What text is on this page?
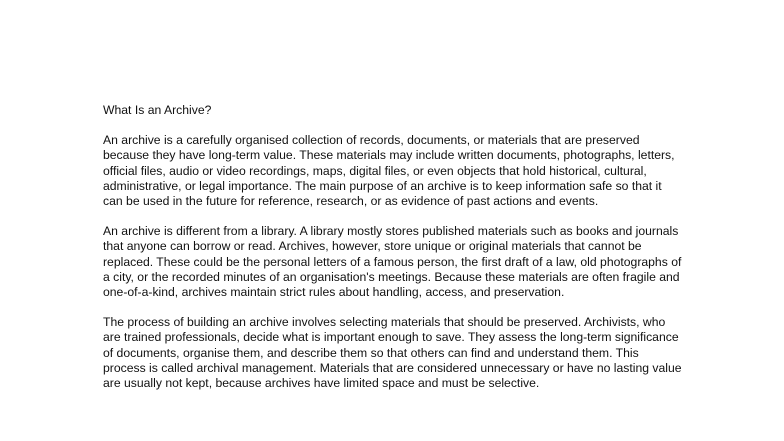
What Is an Archive?

An archive is a carefully organised collection of records, documents, or materials that are preserved because they have long-term value. These materials may include written documents, photographs, letters, official files, audio or video recordings, maps, digital files, or even objects that hold historical, cultural, administrative, or legal importance. The main purpose of an archive is to keep information safe so that it can be used in the future for reference, research, or as evidence of past actions and events.

An archive is different from a library. A library mostly stores published materials such as books and journals that anyone can borrow or read. Archives, however, store unique or original materials that cannot be replaced. These could be the personal letters of a famous person, the first draft of a law, old photographs of a city, or the recorded minutes of an organisation's meetings. Because these materials are often fragile and one-of-a-kind, archives maintain strict rules about handling, access, and preservation.

The process of building an archive involves selecting materials that should be preserved. Archivists, who are trained professionals, decide what is important enough to save. They assess the long-term significance of documents, organise them, and describe them so that others can find and understand them. This process is called archival management. Materials that are considered unnecessary or have no lasting value are usually not kept, because archives have limited space and must be selective.
